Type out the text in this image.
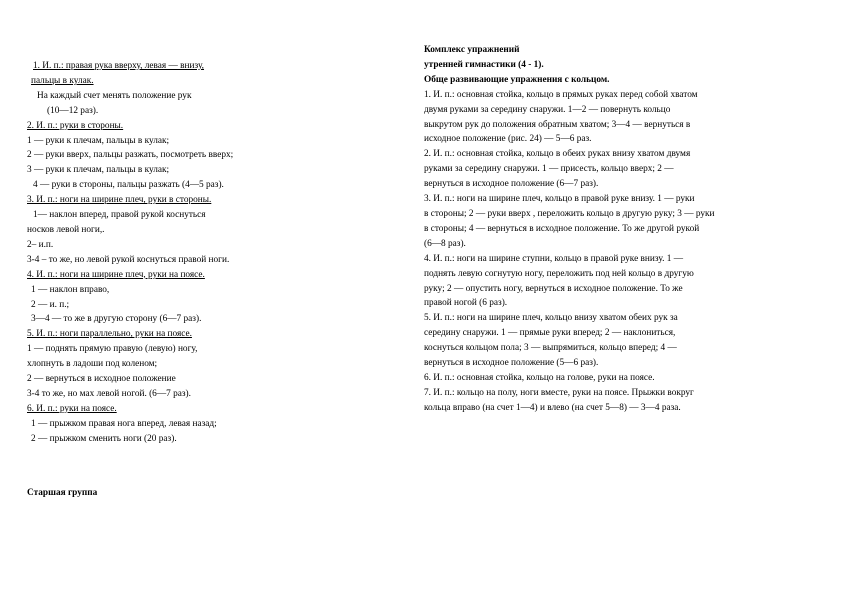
1. И. п.: правая рука вверху, левая — внизу,
пальцы в кулак.
На каждый счет менять положение рук
(10—12 раз).
2. И. п.: руки в стороны.
1 — руки к плечам, пальцы в кулак;
2 — руки вверх, пальцы разжать, посмотреть вверх;
3 — руки к плечам, пальцы в кулак;
4 — руки в стороны, пальцы разжать (4—5 раз).
3. И. п.: ноги на ширине плеч, руки в стороны.
1— наклон вперед, правой рукой коснуться
носков левой ноги,.
2– и.п.
3-4 – то же, но левой рукой коснуться правой ноги.
4. И. п.: ноги на ширине плеч, руки на поясе.
1 — наклон вправо,
2 — и. п.;
3—4 — то же в другую сторону (6—7 раз).
5. И. п.: ноги параллельно, руки на поясе.
1 — поднять прямую правую (левую) ногу,
хлопнуть в ладоши под коленом;
2 — вернуться в исходное положение
3-4 то же, но мах левой ногой. (6—7 раз).
6. И. п.: руки на поясе.
1 — прыжком правая нога вперед, левая назад;
2 — прыжком сменить ноги (20 раз).
Комплекс упражнений
утренней гимнастики (4 - 1).
Обще развивающие упражнения с кольцом.
1. И. п.: основная стойка, кольцо в прямых руках перед собой хватом
двумя руками за середину снаружи. 1—2 — повернуть кольцо
выкрутом рук до положения обратным хватом; 3—4 — вернуться в
исходное положение (рис. 24) — 5—6 раз.
2. И. п.: основная стойка, кольцо в обеих руках внизу хватом двумя
руками за середину снаружи. 1 — присесть, кольцо вверх; 2 —
вернуться в исходное положение (6—7 раз).
3. И. п.: ноги на ширине плеч, кольцо в правой руке внизу. 1 — руки
в стороны; 2 — руки вверх , переложить кольцо в другую руку; 3 — руки
в стороны; 4 — вернуться в исходное положение. То же другой рукой
(6—8 раз).
4. И. п.: ноги на ширине ступни, кольцо в правой руке внизу. 1 —
поднять левую согнутую ногу, переложить под ней кольцо в другую
руку; 2 — опустить ногу, вернуться в исходное положение. То же
правой ногой (6 раз).
5. И. п.: ноги на ширине плеч, кольцо внизу хватом обеих рук за
середину снаружи. 1 — прямые руки вперед; 2 — наклониться,
коснуться кольцом пола; 3 — выпрямиться, кольцо вперед; 4 —
вернуться в исходное положение (5—6 раз).
6. И. п.: основная стойка, кольцо на голове, руки на поясе.
7. И. п.: кольцо на полу, ноги вместе, руки на поясе. Прыжки вокруг
кольца вправо (на счет 1—4) и влево (на счет 5—8) — 3—4 раза.
Старшая группа
